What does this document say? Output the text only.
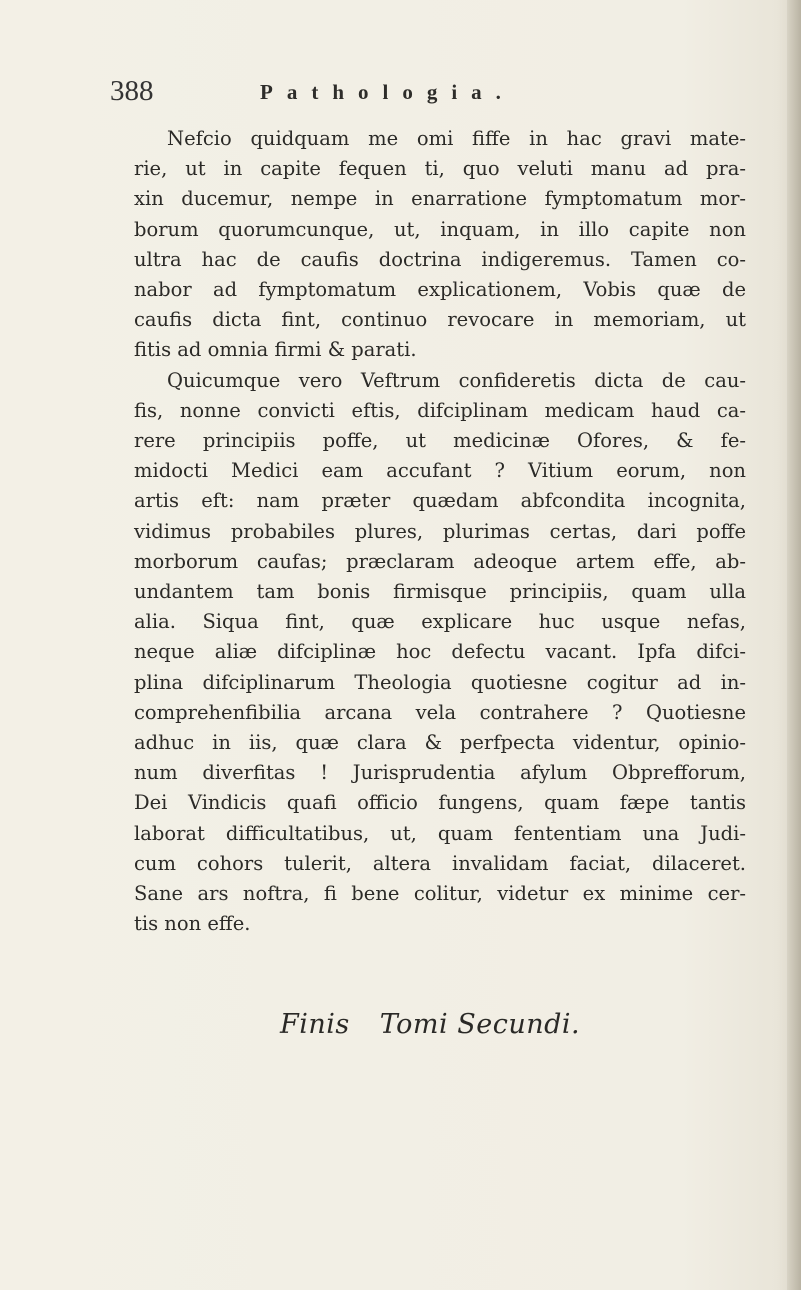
388	Pathologia.
Nefcio quidquam me omi fiffe in hac gravi mate-
rie, ut in capite fequen ti, quo veluti manu ad pra-
xin ducemur, nempe in enarratione fymptomatum mor-
borum quorumcunque, ut, inquam, in illo capite non
ultra hac de caufis doctrina indigeremus. Tamen co-
nabor ad fymptomatum explicationem, Vobis quæ de
caufis dicta fint, continuo revocare in memoriam, ut
fitis ad omnia firmi & parati.
Quicumque vero Veftrum confideretis dicta de cau-
fis, nonne convicti eftis, difciplinam medicam haud ca-
rere principiis poffe, ut medicinæ Ofores, & fe-
midocti Medici eam accufant ? Vitium eorum, non
artis eft: nam præter quædam abfcondita incognita,
vidimus probabiles plures, plurimas certas, dari poffe
morborum caufas; præclaram adeoque artem effe, ab-
undantem tam bonis firmisque principiis, quam ulla
alia. Siqua fint, quæ explicare huc usque nefas,
neque aliæ difciplinæ hoc defectu vacant. Ipfa difci-
plina difciplinarum Theologia quotiesne cogitur ad in-
comprehenfibilia arcana vela contrahere ? Quotiesne
adhuc in iis, quæ clara & perfpecta videntur, opinio-
num diverfitas ! Jurisprudentia afylum Obprefforum,
Dei Vindicis quafi officio fungens, quam fæpe tantis
laborat difficultatibus, ut, quam fententiam una Judi-
cum cohors tulerit, altera invalidam faciat, dilaceret.
Sane ars noftra, fi bene colitur, videtur ex minime cer-
tis non effe.
Finis Tomi Secundi.
